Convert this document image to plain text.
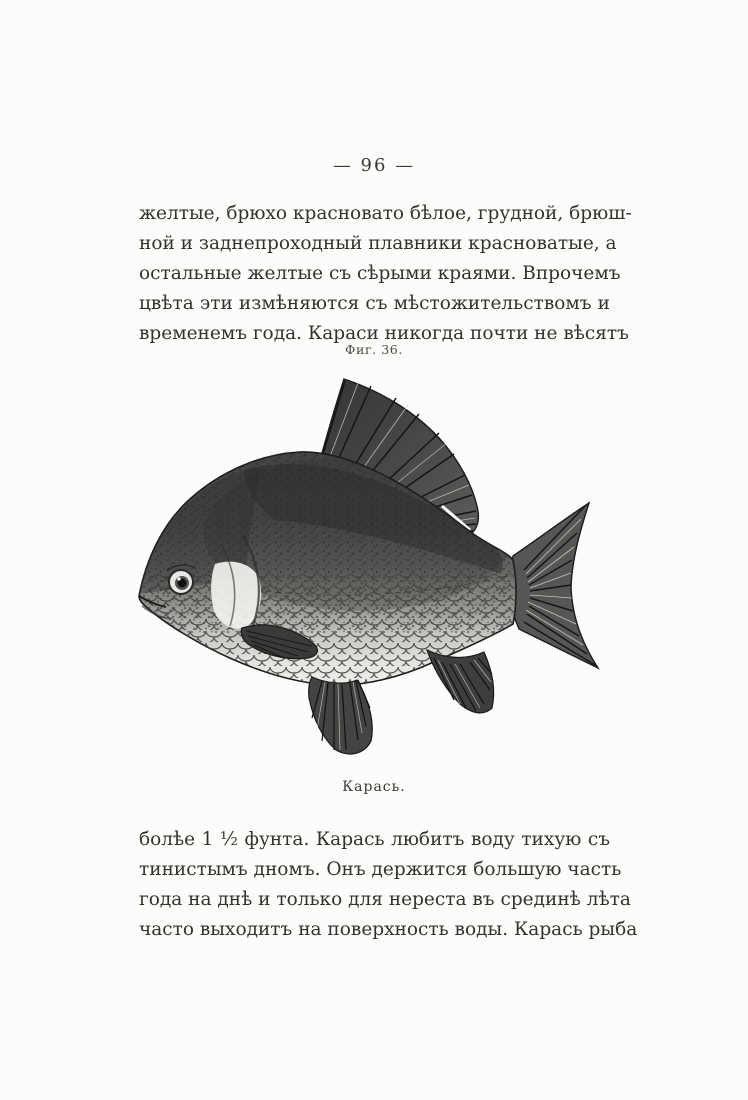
— 96 —
желтые, брюхо красновато бѣлое, грудной, брюш-
ной и заднепроходный плавники красноватые, а
остальные желтые съ сѣрыми краями. Впрочемъ
цвѣта эти измѣняются съ мѣстожительствомъ и
временемъ года. Караси никогда почти не вѣсятъ
Фиг. 36.
Карась.
болѣе 1 ½ фунта. Карась любитъ воду тихую съ
тинистымъ дномъ. Онъ держится большую часть
года на днѣ и только для нереста въ срединѣ лѣта
часто выходитъ на поверхность воды. Карась рыба
